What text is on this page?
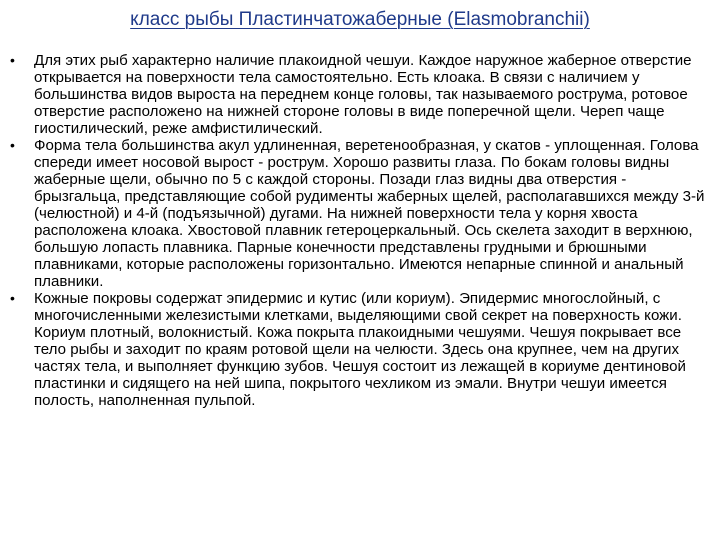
класс рыбы Пластинчатожаберные (Elasmobranchii)
• Для этих рыб характерно наличие плакоидной чешуи. Каждое наружное жаберное отверстие открывается на поверхности тела самостоятельно. Есть клоака. В связи с наличием у большинства видов выроста на переднем конце головы, так называемого рострума, ротовое отверстие расположено на нижней стороне головы в виде поперечной щели. Череп чаще гиостилический, реже амфистилический.
• Форма тела большинства акул удлиненная, веретенообразная, у скатов - уплощенная. Голова спереди имеет носовой вырост - рострум. Хорошо развиты глаза. По бокам головы видны жаберные щели, обычно по 5 с каждой стороны. Позади глаз видны два отверстия - брызгальца, представляющие собой рудименты жаберных щелей, располагавшихся между 3-й (челюстной) и 4-й (подъязычной) дугами. На нижней поверхности тела у корня хвоста расположена клоака. Хвостовой плавник гетероцеркальный. Ось скелета заходит в верхнюю, большую лопасть плавника. Парные конечности представлены грудными и брюшными плавниками, которые расположены горизонтально. Имеются непарные спинной и анальный плавники.
• Кожные покровы содержат эпидермис и кутис (или кориум). Эпидермис многослойный, с многочисленными железистыми клетками, выделяющими свой секрет на поверхность кожи. Кориум плотный, волокнистый. Кожа покрыта плакоидными чешуями. Чешуя покрывает все тело рыбы и заходит по краям ротовой щели на челюсти. Здесь она крупнее, чем на других частях тела, и выполняет функцию зубов. Чешуя состоит из лежащей в кориуме дентиновой пластинки и сидящего на ней шипа, покрытого чехликом из эмали. Внутри чешуи имеется полость, наполненная пульпой.
